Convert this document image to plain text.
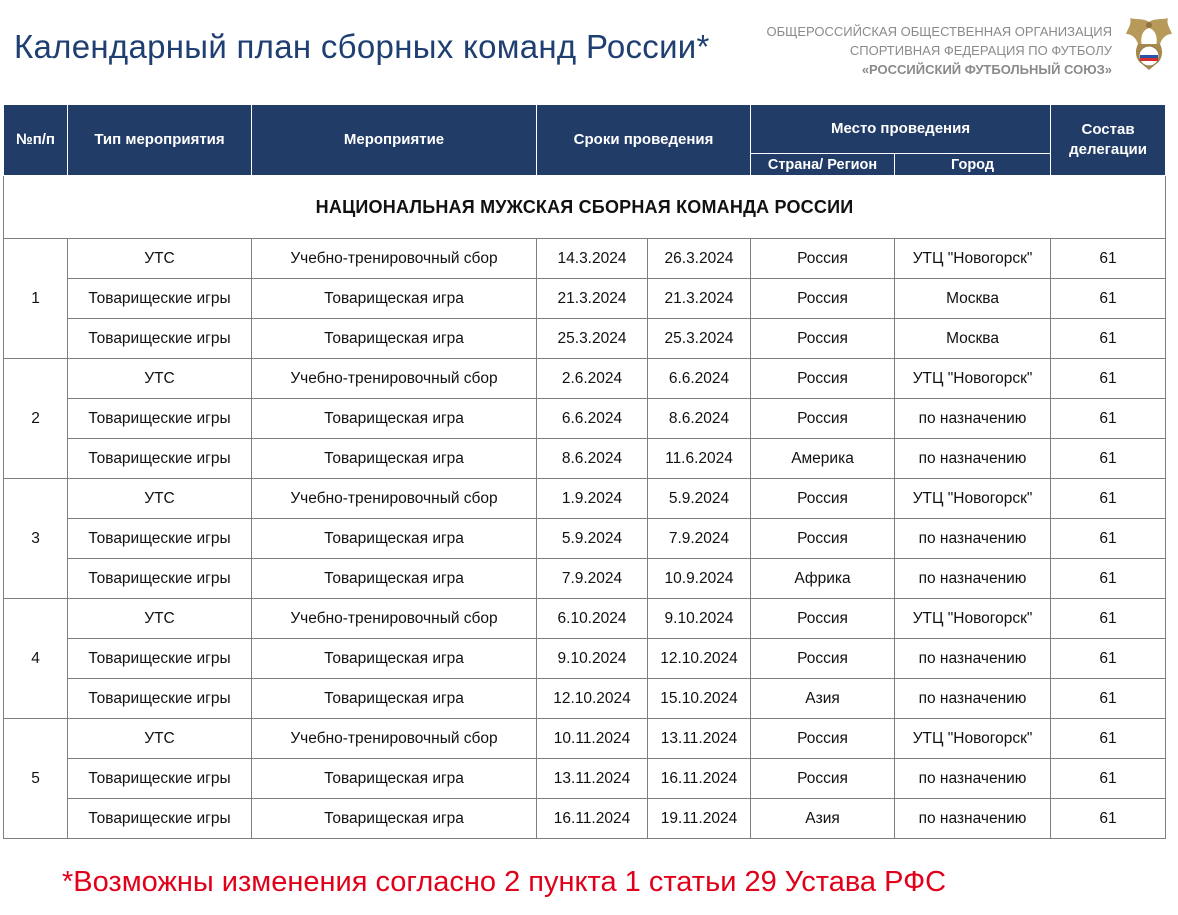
Календарный план сборных команд России*	ОБЩЕРОССИЙСКАЯ ОБЩЕСТВЕННАЯ ОРГАНИЗАЦИЯ
СПОРТИВНАЯ ФЕДЕРАЦИЯ ПО ФУТБОЛУ
«РОССИЙСКИЙ ФУТБОЛЬНЫЙ СОЮЗ»
№п/п	Тип мероприятия	Мероприятие	Сроки проведения		Место проведения		Состав делегации
					Страна/ Регион	Город	
НАЦИОНАЛЬНАЯ МУЖСКАЯ СБОРНАЯ КОМАНДА РОССИИ							
1	УТС	Учебно-тренировочный сбор	14.3.2024	26.3.2024	Россия	УТЦ "Новогорск"	61
	Товарищеские игры	Товарищеская игра	21.3.2024	21.3.2024	Россия	Москва	61
	Товарищеские игры	Товарищеская игра	25.3.2024	25.3.2024	Россия	Москва	61
2	УТС	Учебно-тренировочный сбор	2.6.2024	6.6.2024	Россия	УТЦ "Новогорск"	61
	Товарищеские игры	Товарищеская игра	6.6.2024	8.6.2024	Россия	по назначению	61
	Товарищеские игры	Товарищеская игра	8.6.2024	11.6.2024	Америка	по назначению	61
3	УТС	Учебно-тренировочный сбор	1.9.2024	5.9.2024	Россия	УТЦ "Новогорск"	61
	Товарищеские игры	Товарищеская игра	5.9.2024	7.9.2024	Россия	по назначению	61
	Товарищеские игры	Товарищеская игра	7.9.2024	10.9.2024	Африка	по назначению	61
4	УТС	Учебно-тренировочный сбор	6.10.2024	9.10.2024	Россия	УТЦ "Новогорск"	61
	Товарищеские игры	Товарищеская игра	9.10.2024	12.10.2024	Россия	по назначению	61
	Товарищеские игры	Товарищеская игра	12.10.2024	15.10.2024	Азия	по назначению	61
5	УТС	Учебно-тренировочный сбор	10.11.2024	13.11.2024	Россия	УТЦ "Новогорск"	61
	Товарищеские игры	Товарищеская игра	13.11.2024	16.11.2024	Россия	по назначению	61
	Товарищеские игры	Товарищеская игра	16.11.2024	19.11.2024	Азия	по назначению	61
*Возможны изменения согласно 2 пункта 1 статьи 29 Устава РФС
